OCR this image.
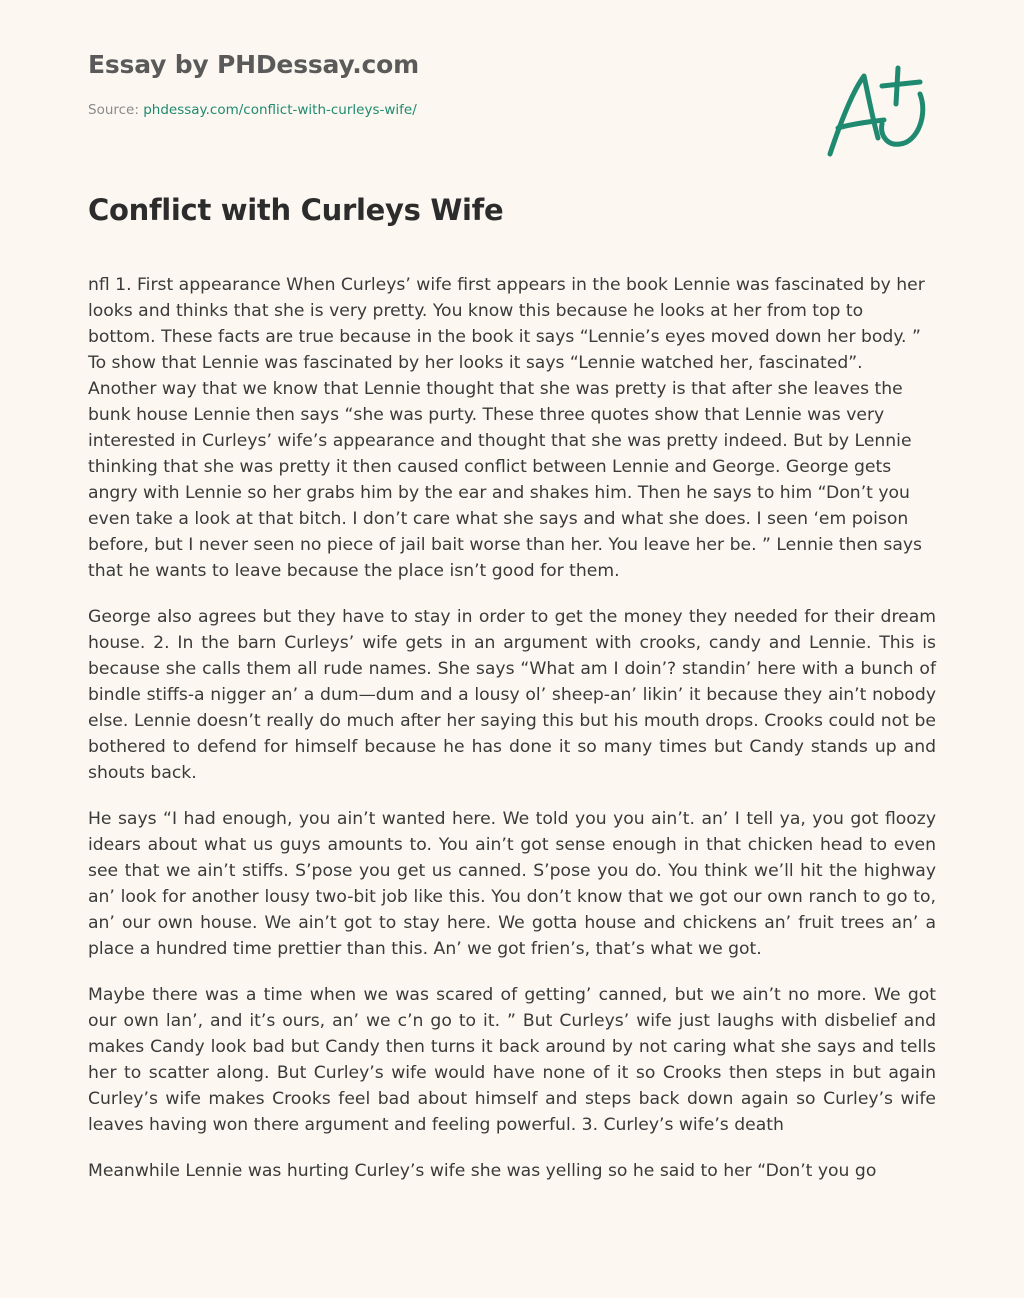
Essay by PHDessay.com
Source: phdessay.com/conflict-with-curleys-wife/
Conflict with Curleys Wife

nfl 1. First appearance When Curleys’ wife first appears in the book Lennie was fascinated by her looks and thinks that she is very pretty. You know this because he looks at her from top to bottom. These facts are true because in the book it says “Lennie’s eyes moved down her body. ” To show that Lennie was fascinated by her looks it says “Lennie watched her, fascinated”. Another way that we know that Lennie thought that she was pretty is that after she leaves the bunk house Lennie then says “she was purty. These three quotes show that Lennie was very interested in Curleys’ wife’s appearance and thought that she was pretty indeed. But by Lennie thinking that she was pretty it then caused conflict between Lennie and George. George gets angry with Lennie so her grabs him by the ear and shakes him. Then he says to him “Don’t you even take a look at that bitch. I don’t care what she says and what she does. I seen ‘em poison before, but I never seen no piece of jail bait worse than her. You leave her be. ” Lennie then says that he wants to leave because the place isn’t good for them.

George also agrees but they have to stay in order to get the money they needed for their dream house. 2. In the barn Curleys’ wife gets in an argument with crooks, candy and Lennie. This is because she calls them all rude names. She says “What am I doin’? standin’ here with a bunch of bindle stiffs-a nigger an’ a dum—dum and a lousy ol’ sheep-an’ likin’ it because they ain’t nobody else. Lennie doesn’t really do much after her saying this but his mouth drops. Crooks could not be bothered to defend for himself because he has done it so many times but Candy stands up and shouts back.

He says “I had enough, you ain’t wanted here. We told you you ain’t. an’ I tell ya, you got floozy idears about what us guys amounts to. You ain’t got sense enough in that chicken head to even see that we ain’t stiffs. S’pose you get us canned. S’pose you do. You think we’ll hit the highway an’ look for another lousy two-bit job like this. You don’t know that we got our own ranch to go to, an’ our own house. We ain’t got to stay here. We gotta house and chickens an’ fruit trees an’ a place a hundred time prettier than this. An’ we got frien’s, that’s what we got.

Maybe there was a time when we was scared of getting’ canned, but we ain’t no more. We got our own lan’, and it’s ours, an’ we c’n go to it. ” But Curleys’ wife just laughs with disbelief and makes Candy look bad but Candy then turns it back around by not caring what she says and tells her to scatter along. But Curley’s wife would have none of it so Crooks then steps in but again Curley’s wife makes Crooks feel bad about himself and steps back down again so Curley’s wife leaves having won there argument and feeling powerful. 3. Curley’s wife’s death

Meanwhile Lennie was hurting Curley’s wife she was yelling so he said to her “Don’t you go
